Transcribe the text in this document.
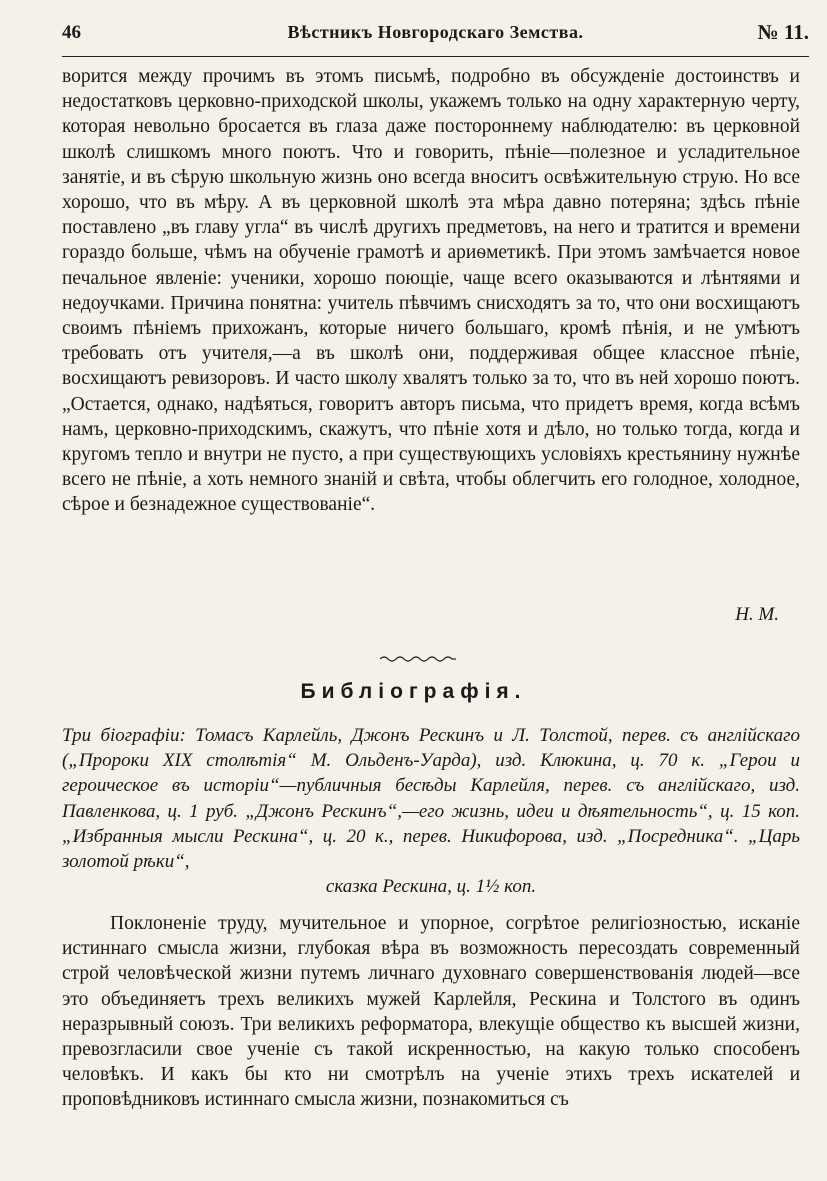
46	Вѣстникъ Новгородскаго Земства.	№ 11.

ворится между прочимъ въ этомъ письмѣ, подробно въ обсужденіе достоинствъ и недостатковъ церковно-приходской школы, укажемъ только на одну характерную черту, которая невольно бросается въ глаза даже постороннему наблюдателю: въ церковной школѣ слишкомъ много поютъ. Что и говорить, пѣніе—полезное и усладительное занятіе, и въ сѣрую школьную жизнь оно всегда вноситъ освѣжительную струю. Но все хорошо, что въ мѣру. А въ церковной школѣ эта мѣра давно потеряна; здѣсь пѣніе поставлено „въ главу угла“ въ числѣ другихъ предметовъ, на него и тратится и времени гораздо больше, чѣмъ на обученіе грамотѣ и ариѳметикѣ. При этомъ замѣчается новое печальное явленіе: ученики, хорошо поющіе, чаще всего оказываются и лѣнтяями и недоучками. Причина понятна: учитель пѣвчимъ снисходятъ за то, что они восхищаютъ своимъ пѣніемъ прихожанъ, которые ничего большаго, кромѣ пѣнія, и не умѣютъ требовать отъ учителя,—а въ школѣ они, поддерживая общее классное пѣніе, восхищаютъ ревизоровъ. И часто школу хвалятъ только за то, что въ ней хорошо поютъ. „Остается, однако, надѣяться, говоритъ авторъ письма, что придетъ время, когда всѣмъ намъ, церковно-приходскимъ, скажутъ, что пѣніе хотя и дѣло, но только тогда, когда и кругомъ тепло и внутри не пусто, а при существующихъ условіяхъ крестьянину нужнѣе всего не пѣніе, а хоть немного знаній и свѣта, чтобы облегчить его голодное, холодное, сѣрое и безнадежное существованіе“.

Н. М.
Библіографія.
Три біографіи: Томасъ Карлейль, Джонъ Рескинъ и Л. Толстой, перев. съ англійскаго („Пророки XIX столѣтія“ М. Ольденъ-Уарда), изд. Клюкина, ц. 70 к. „Герои и героическое въ исторіи“—публичныя бесѣды Карлейля, перев. съ англійскаго, изд. Павленкова, ц. 1 руб. „Джонъ Рескинъ“,—его жизнь, идеи и дѣятельность“, ц. 15 коп. „Избранныя мысли Рескина“, ц. 20 к., перев. Никифорова, изд. „Посредника“. „Царь золотой рѣки“,
сказка Рескина, ц. 1½ коп.

Поклоненіе труду, мучительное и упорное, согрѣтое религіозностью, исканіе истиннаго смысла жизни, глубокая вѣра въ возможность пересоздать современный строй человѣческой жизни путемъ личнаго духовнаго совершенствованія людей—все это объединяетъ трехъ великихъ мужей Карлейля, Рескина и Толстого въ одинъ неразрывный союзъ. Три великихъ реформатора, влекущіе общество къ высшей жизни, превозгласили свое ученіе съ такой искренностью, на какую только способенъ человѣкъ. И какъ бы кто ни смотрѣлъ на ученіе этихъ трехъ искателей и проповѣдниковъ истиннаго смысла жизни, познакомиться съ
